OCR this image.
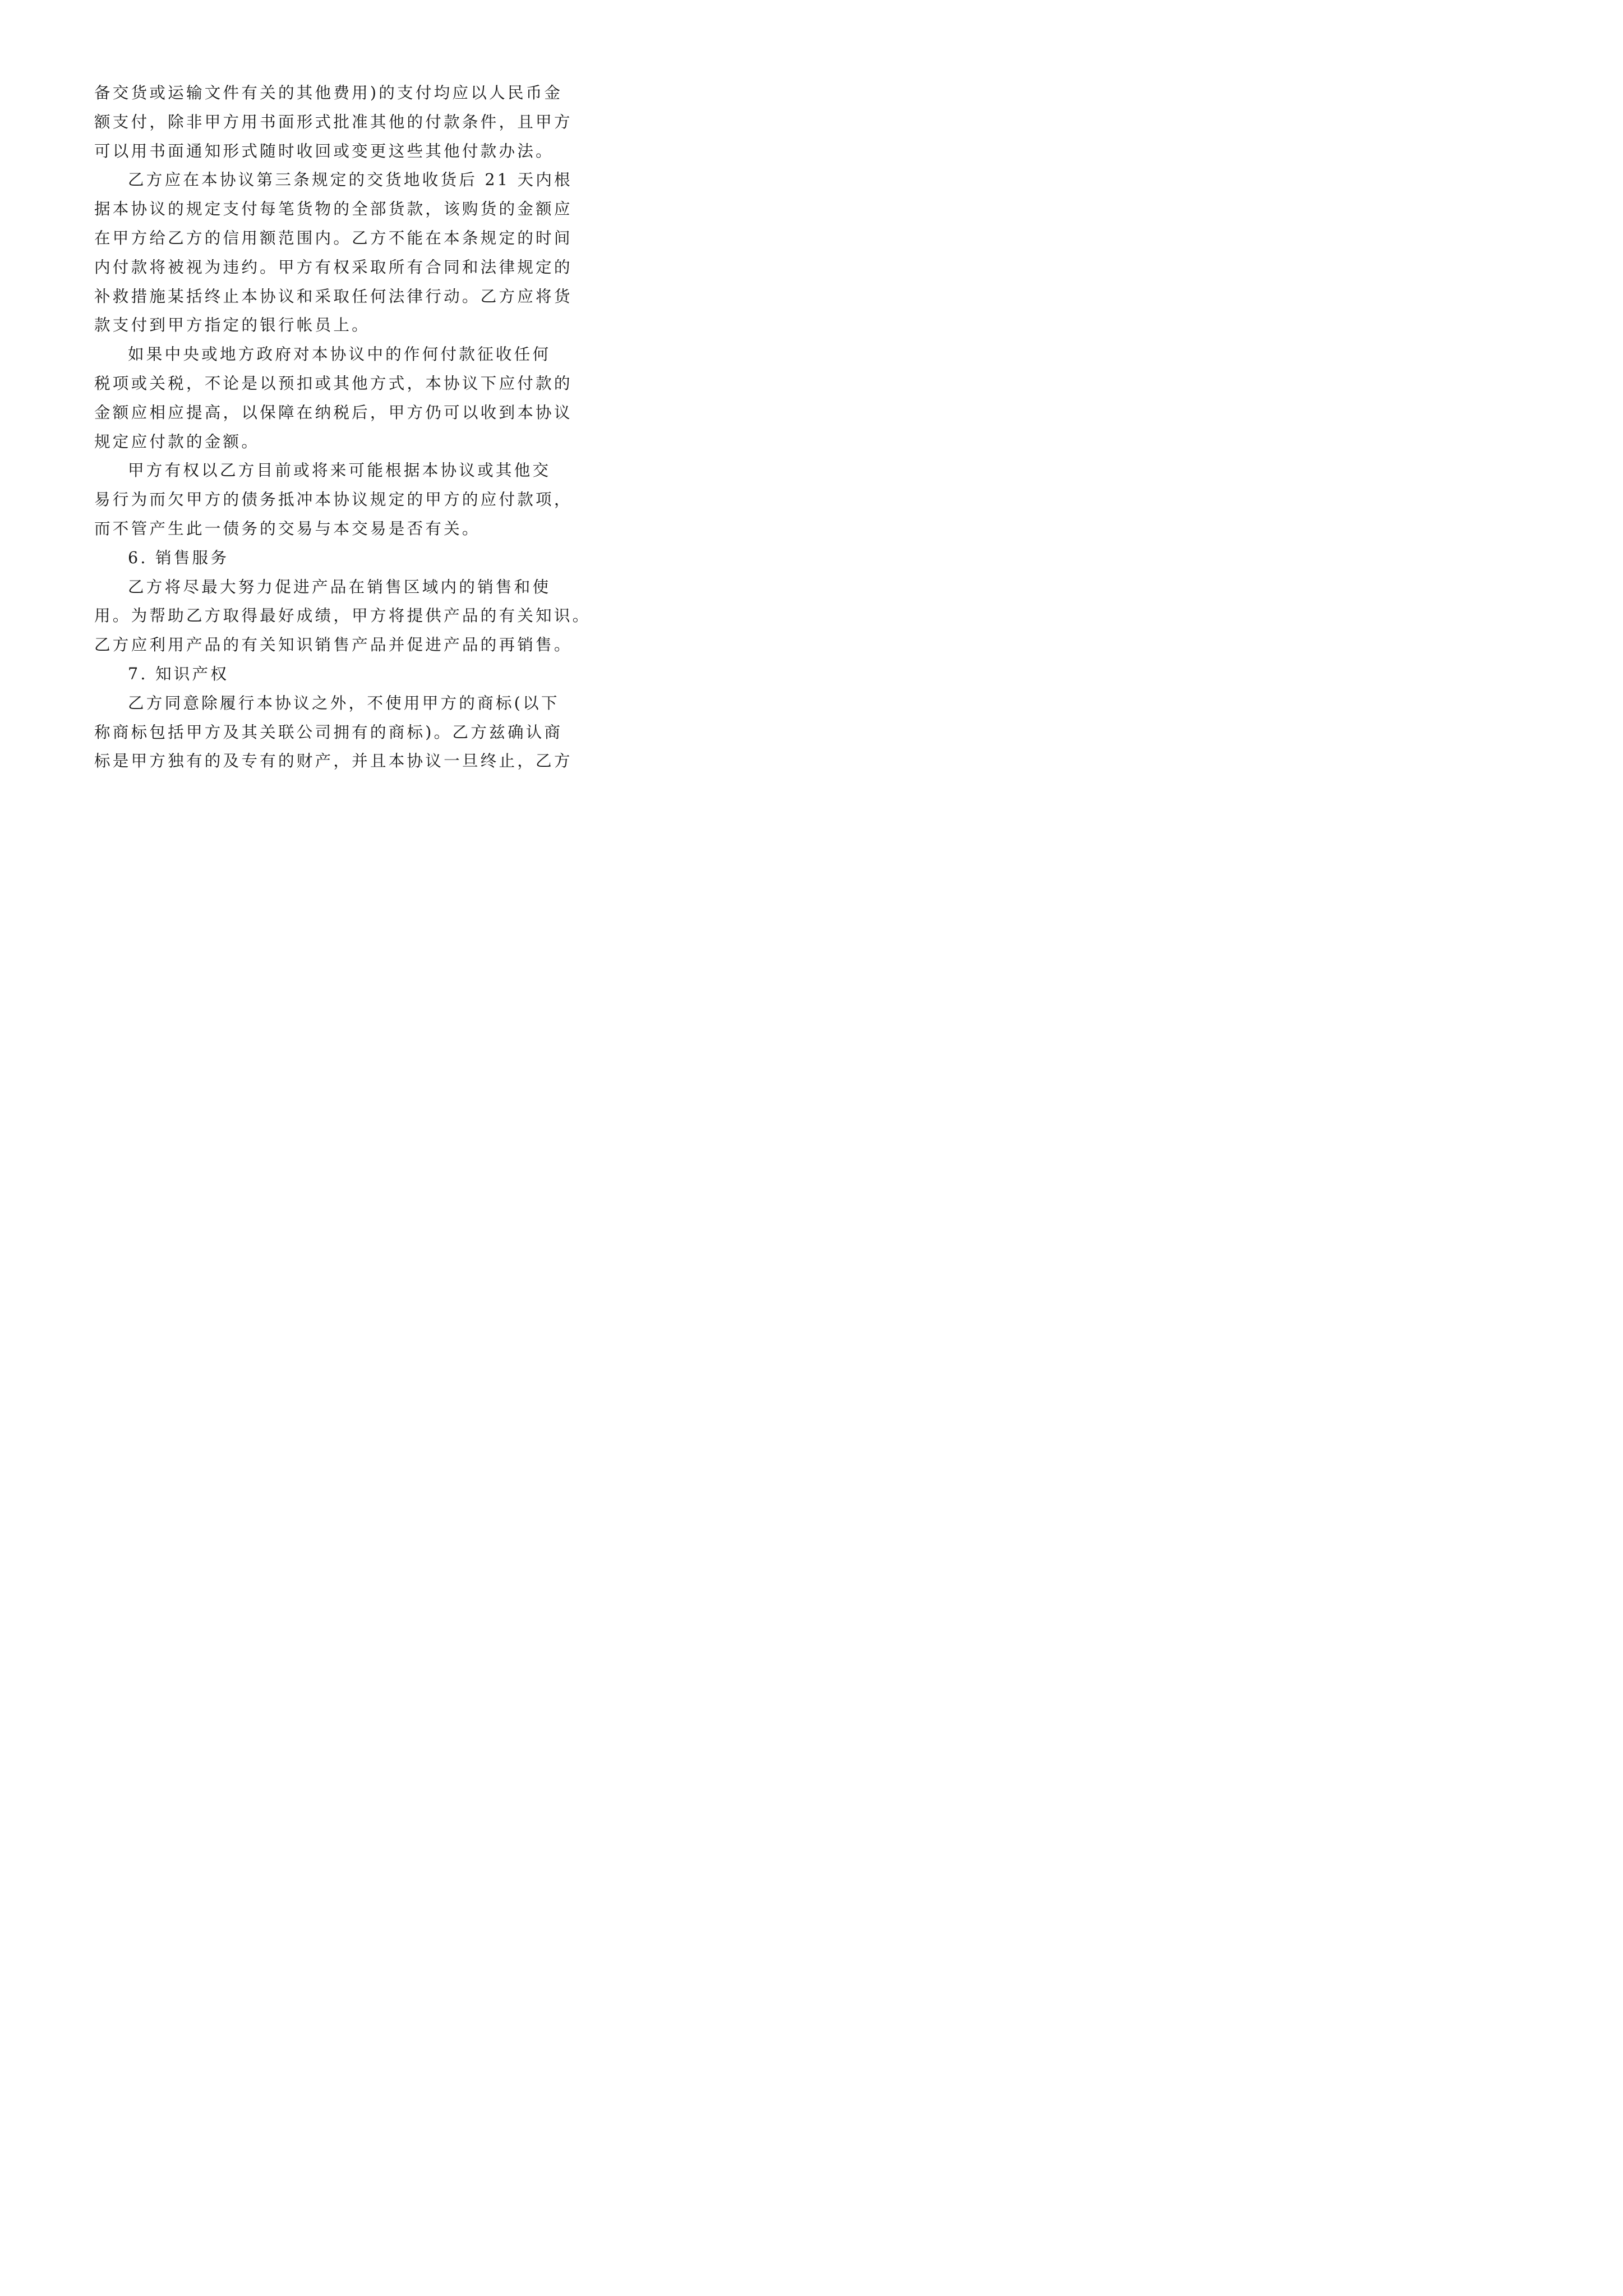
备交货或运输文件有关的其他费用)的支付均应以人民币金
额支付，除非甲方用书面形式批准其他的付款条件，且甲方
可以用书面通知形式随时收回或变更这些其他付款办法。
乙方应在本协议第三条规定的交货地收货后 21 天内根
据本协议的规定支付每笔货物的全部货款，该购货的金额应
在甲方给乙方的信用额范围内。乙方不能在本条规定的时间
内付款将被视为违约。甲方有权采取所有合同和法律规定的
补救措施某括终止本协议和采取任何法律行动。乙方应将货
款支付到甲方指定的银行帐员上。
如果中央或地方政府对本协议中的作何付款征收任何
税项或关税，不论是以预扣或其他方式，本协议下应付款的
金额应相应提高，以保障在纳税后，甲方仍可以收到本协议
规定应付款的金额。
甲方有权以乙方目前或将来可能根据本协议或其他交
易行为而欠甲方的债务抵冲本协议规定的甲方的应付款项，
而不管产生此一债务的交易与本交易是否有关。
6. 销售服务
乙方将尽最大努力促进产品在销售区域内的销售和使
用。为帮助乙方取得最好成绩，甲方将提供产品的有关知识。
乙方应利用产品的有关知识销售产品并促进产品的再销售。
7. 知识产权
乙方同意除履行本协议之外，不使用甲方的商标(以下
称商标包括甲方及其关联公司拥有的商标)。乙方兹确认商
标是甲方独有的及专有的财产，并且本协议一旦终止，乙方
